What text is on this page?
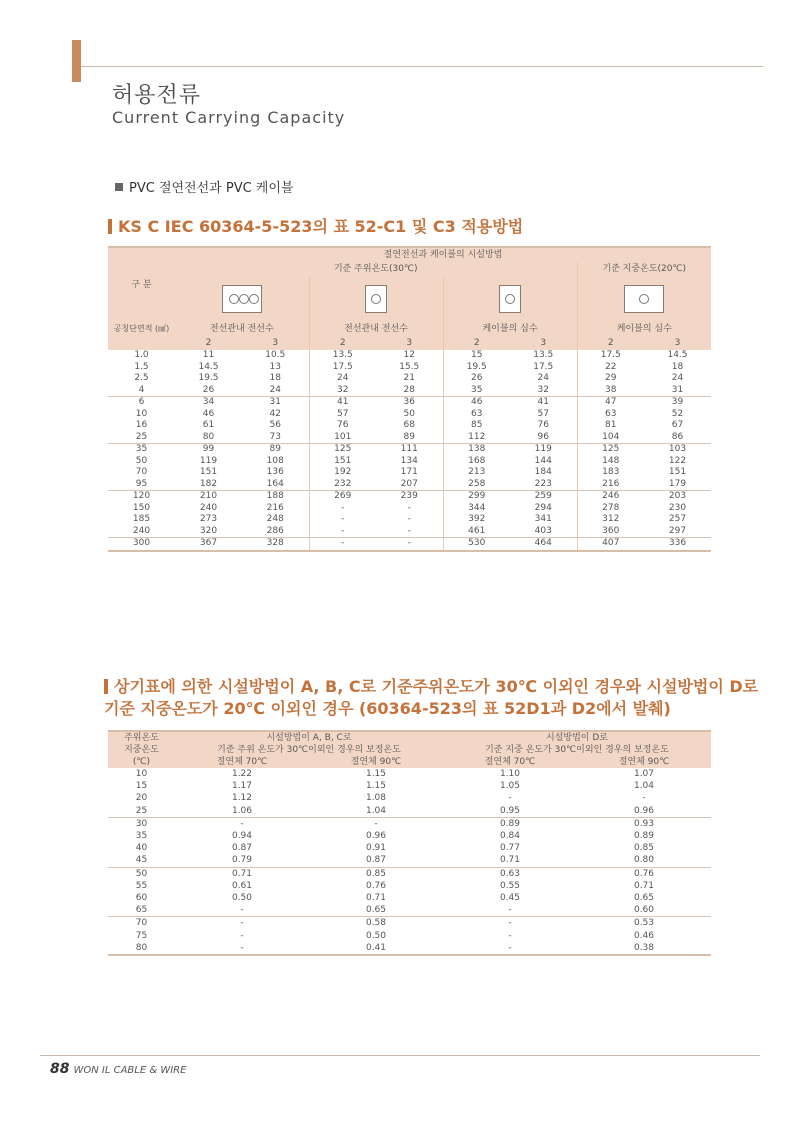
허용전류
Current Carrying Capacity
PVC 절연전선과 PVC 케이블
KS C IEC 60364-5-523의 표 52-C1 및 C3 적용방법
구 분	절연전선과 케이블의 시설방법							
	기준 주위온도(30℃)						기준 지중온도(20℃)	

공칭단면적 (㎟)	전선관내 전선수		전선관내 전선수		케이블의 심수		케이블의 심수	
	2	3	2	3	2	3	2	3
1.0	11	10.5	13.5	12	15	13.5	17.5	14.5
1.5	14.5	13	17.5	15.5	19.5	17.5	22	18
2.5	19.5	18	24	21	26	24	29	24
4	26	24	32	28	35	32	38	31
6	34	31	41	36	46	41	47	39
10	46	42	57	50	63	57	63	52
16	61	56	76	68	85	76	81	67
25	80	73	101	89	112	96	104	86
35	99	89	125	111	138	119	125	103
50	119	108	151	134	168	144	148	122
70	151	136	192	171	213	184	183	151
95	182	164	232	207	258	223	216	179
120	210	188	269	239	299	259	246	203
150	240	216	-	-	344	294	278	230
185	273	248	-	-	392	341	312	257
240	320	286	-	-	461	403	360	297
300	367	328	-	-	530	464	407	336
상기표에 의한 시설방법이 A, B, C로 기준주위온도가 30℃ 이외인 경우와 시설방법이 D로
기준 지중온도가 20℃ 이외인 경우 (60364-523의 표 52D1과 D2에서 발췌)
주위온도	시설방법이 A, B, C로		시설방법이 D로	
지중온도	기준 주위 온도가 30℃이외인 경우의 보정온도		기준 지중 온도가 30℃이외인 경우의 보정온도	
(℃)	절연체 70℃	절연체 90℃	절연체 70℃	절연체 90℃
10	1.22	1.15	1.10	1.07
15	1.17	1.15	1.05	1.04
20	1.12	1.08	-	-
25	1.06	1.04	0.95	0.96
30	-	-	0.89	0.93
35	0.94	0.96	0.84	0.89
40	0.87	0.91	0.77	0.85
45	0.79	0.87	0.71	0.80
50	0.71	0.85	0.63	0.76
55	0.61	0.76	0.55	0.71
60	0.50	0.71	0.45	0.65
65	-	0.65	-	0.60
70	-	0.58	-	0.53
75	-	0.50	-	0.46
80	-	0.41	-	0.38
88 WON IL CABLE & WIRE
